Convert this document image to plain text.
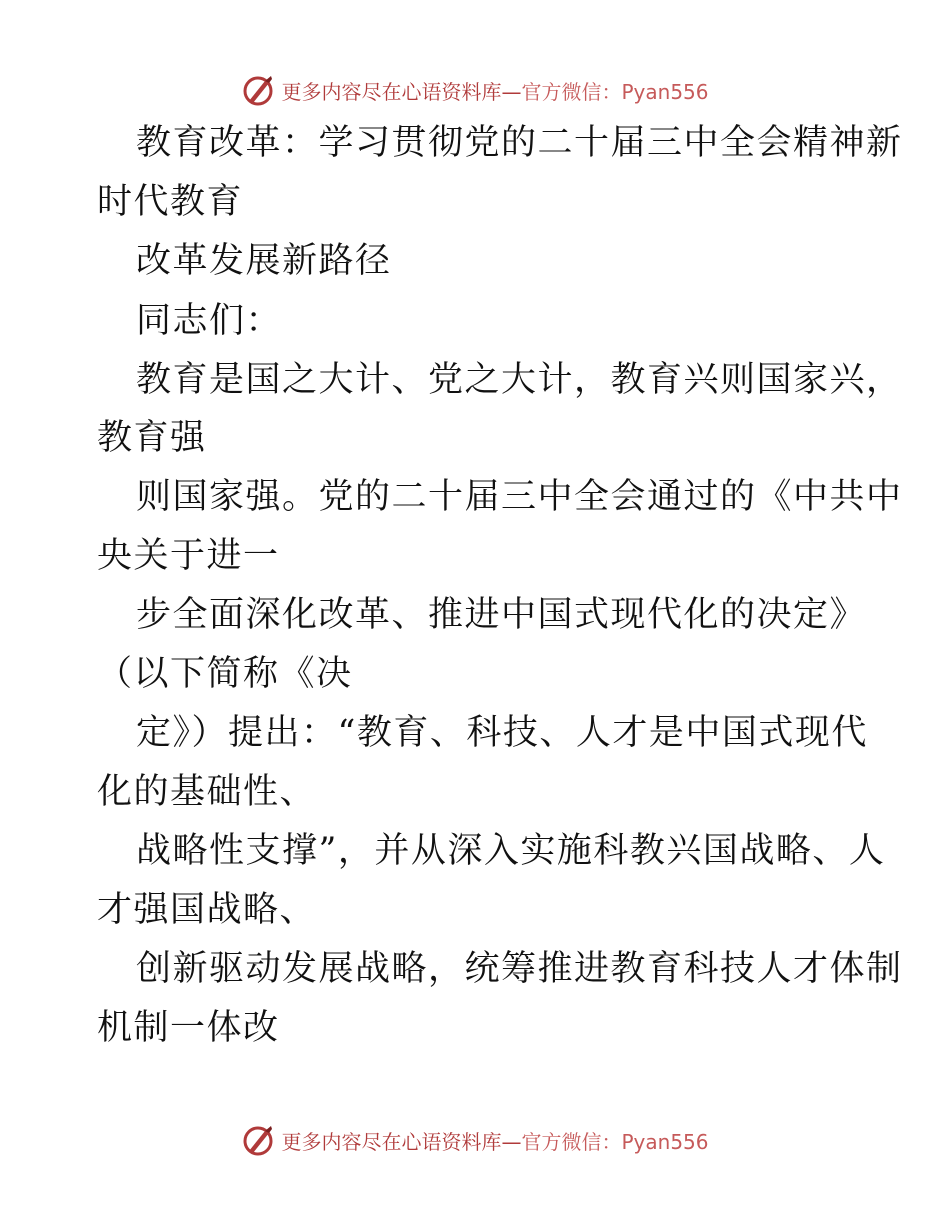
更多内容尽在心语资料库—官方微信：Pyan556
教育改革：学习贯彻党的二十届三中全会精神新
时代教育
改革发展新路径
同志们：
教育是国之大计、党之大计，教育兴则国家兴，
教育强
则国家强。党的二十届三中全会通过的《中共中
央关于进一
步全面深化改革、推进中国式现代化的决定》
（以下简称《决
定》）提出：“教育、科技、人才是中国式现代
化的基础性、
战略性支撑”，并从深入实施科教兴国战略、人
才强国战略、
创新驱动发展战略，统筹推进教育科技人才体制
机制一体改
更多内容尽在心语资料库—官方微信：Pyan556
